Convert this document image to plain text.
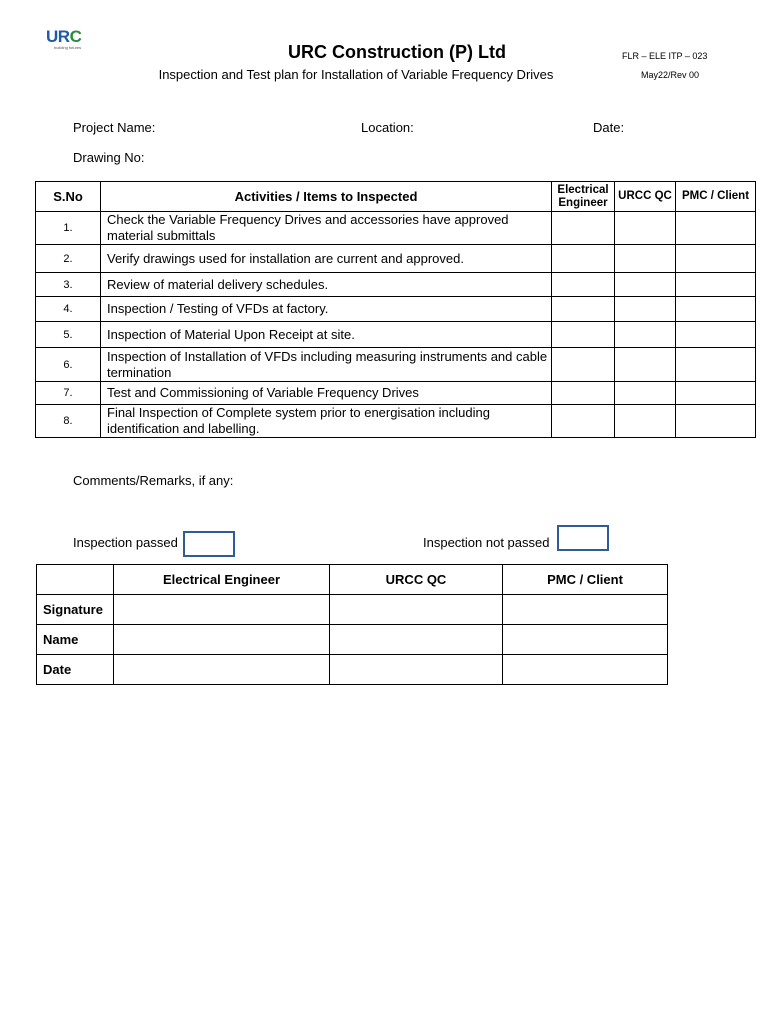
URC
building futures	URC Construction (P) Ltd
Inspection and Test plan for Installation of Variable Frequency Drives
FLR – ELE ITP – 023
May22/Rev 00
Project Name:	Location:	Date:
Drawing No:
S.No	Activities / Items to Inspected	Electrical Engineer	URCC QC	PMC / Client
1.	Check the Variable Frequency Drives and accessories have approved material submittals			
2.	Verify drawings used for installation are current and approved.			
3.	Review of material delivery schedules.			
4.	Inspection / Testing of VFDs at factory.			
5.	Inspection of Material Upon Receipt at site.			
6.	Inspection of Installation of VFDs including measuring instruments and cable termination			
7.	Test and Commissioning of Variable Frequency Drives			
8.	Final Inspection of Complete system prior to energisation including identification and labelling.			
Comments/Remarks, if any:
Inspection passed	Inspection not passed
	Electrical Engineer	URCC QC	PMC / Client
Signature			
Name			
Date			
